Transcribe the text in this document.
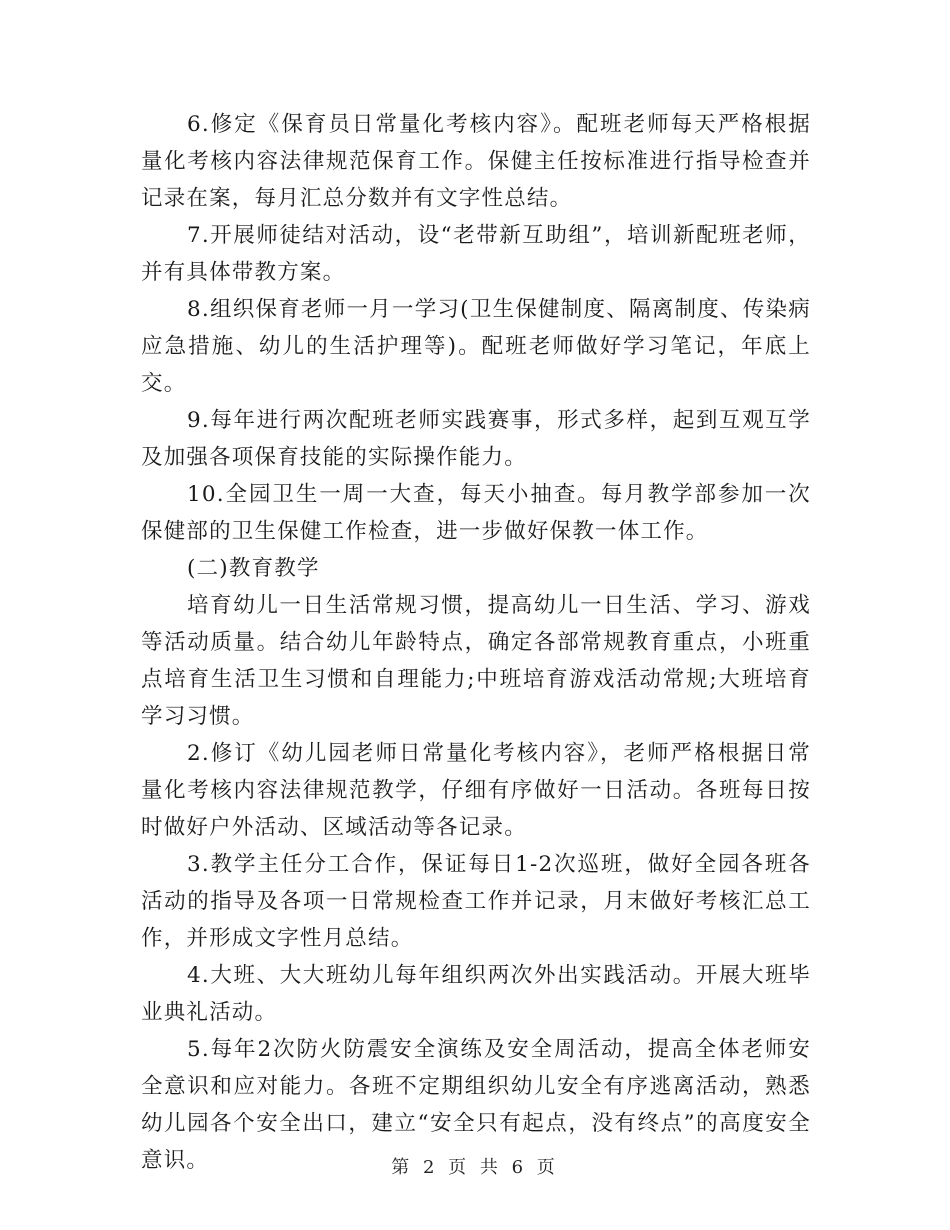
6.修定《保育员日常量化考核内容》。配班老师每天严格根据量化考核内容法律规范保育工作。保健主任按标准进行指导检查并记录在案，每月汇总分数并有文字性总结。

7.开展师徒结对活动，设“老带新互助组”，培训新配班老师，并有具体带教方案。

8.组织保育老师一月一学习(卫生保健制度、隔离制度、传染病应急措施、幼儿的生活护理等)。配班老师做好学习笔记，年底上交。

9.每年进行两次配班老师实践赛事，形式多样，起到互观互学及加强各项保育技能的实际操作能力。

10.全园卫生一周一大查，每天小抽查。每月教学部参加一次保健部的卫生保健工作检查，进一步做好保教一体工作。

(二)教育教学

培育幼儿一日生活常规习惯，提高幼儿一日生活、学习、游戏等活动质量。结合幼儿年龄特点，确定各部常规教育重点，小班重点培育生活卫生习惯和自理能力;中班培育游戏活动常规;大班培育学习习惯。

2.修订《幼儿园老师日常量化考核内容》，老师严格根据日常量化考核内容法律规范教学，仔细有序做好一日活动。各班每日按时做好户外活动、区域活动等各记录。

3.教学主任分工合作，保证每日1-2次巡班，做好全园各班各活动的指导及各项一日常规检查工作并记录，月末做好考核汇总工作，并形成文字性月总结。

4.大班、大大班幼儿每年组织两次外出实践活动。开展大班毕业典礼活动。

5.每年2次防火防震安全演练及安全周活动，提高全体老师安全意识和应对能力。各班不定期组织幼儿安全有序逃离活动，熟悉幼儿园各个安全出口，建立“安全只有起点，没有终点”的高度安全意识。	第 2 页 共 6 页
